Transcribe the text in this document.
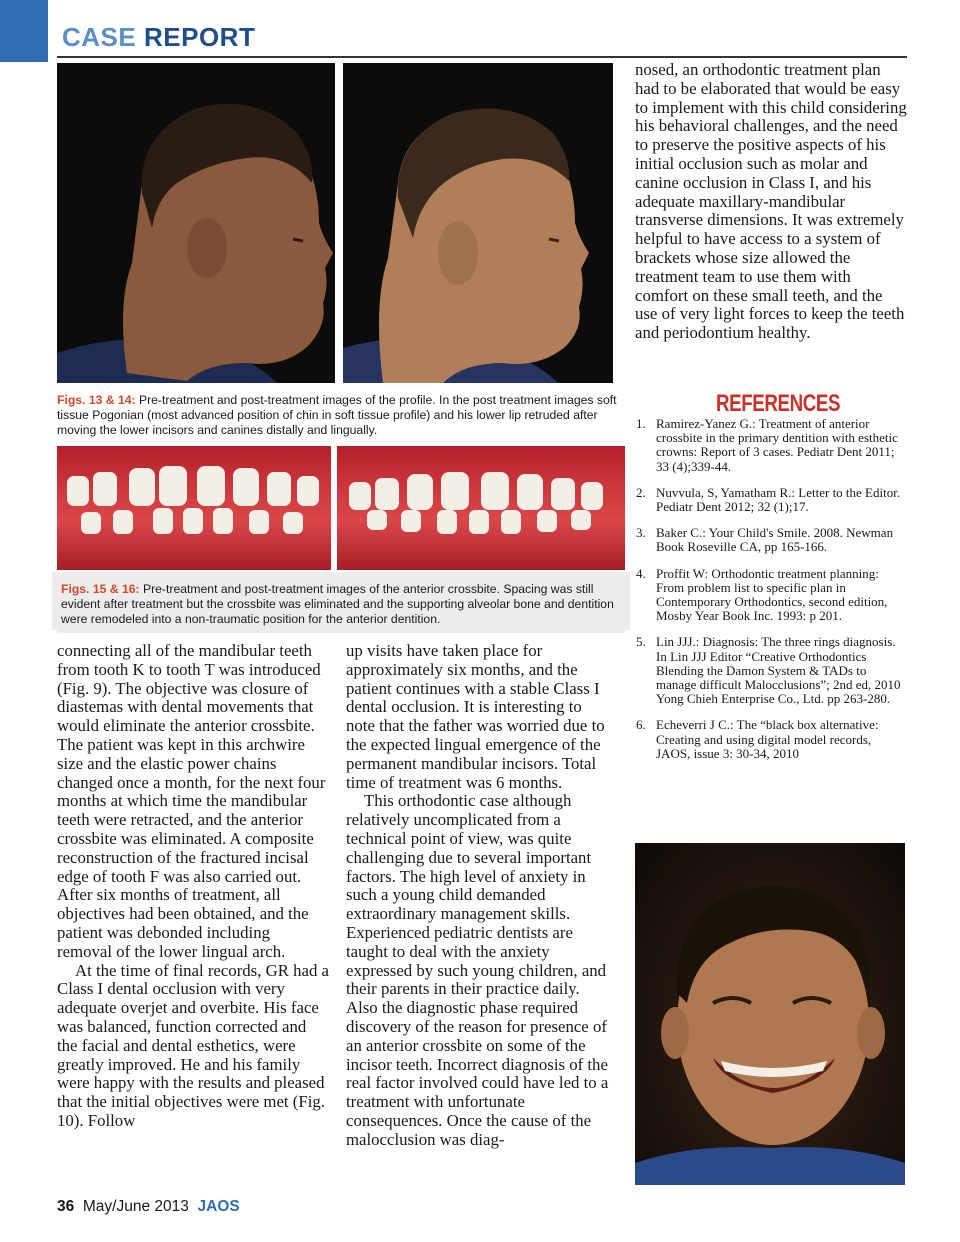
CASE REPORT
Figs. 13 & 14: Pre-treatment and post-treatment images of the profile. In the post treatment images soft tissue Pogonian (most advanced position of chin in soft tissue profile) and his lower lip retruded after moving the lower incisors and canines distally and lingually.
Figs. 15 & 16: Pre-treatment and post-treatment images of the anterior crossbite. Spacing was still evident after treatment but the crossbite was eliminated and the supporting alveolar bone and dentition were remodeled into a non-traumatic position for the anterior dentition.

nosed, an orthodontic treatment plan had to be elaborated that would be easy to implement with this child considering his behavioral challenges, and the need to preserve the positive aspects of his initial occlusion such as molar and canine occlusion in Class I, and his adequate maxillary-mandibular transverse dimensions. It was extremely helpful to have access to a system of brackets whose size allowed the treatment team to use them with comfort on these small teeth, and the use of very light forces to keep the teeth and periodontium healthy.

connecting all of the mandibular teeth from tooth K to tooth T was introduced (Fig. 9). The objective was closure of diastemas with dental movements that would eliminate the anterior crossbite. The patient was kept in this archwire size and the elastic power chains changed once a month, for the next four months at which time the mandibular teeth were retracted, and the anterior crossbite was eliminated. A composite reconstruction of the fractured incisal edge of tooth F was also carried out. After six months of treatment, all objectives had been obtained, and the patient was debonded including removal of the lower lingual arch.

At the time of final records, GR had a Class I dental occlusion with very adequate overjet and overbite. His face was balanced, function corrected and the facial and dental esthetics, were greatly improved. He and his family were happy with the results and pleased that the initial objectives were met (Fig. 10). Follow

up visits have taken place for approximately six months, and the patient continues with a stable Class I dental occlusion. It is interesting to note that the father was worried due to the expected lingual emergence of the permanent mandibular incisors. Total time of treatment was 6 months.

This orthodontic case although relatively uncomplicated from a technical point of view, was quite challenging due to several important factors. The high level of anxiety in such a young child demanded extraordinary management skills. Experienced pediatric dentists are taught to deal with the anxiety expressed by such young children, and their parents in their practice daily. Also the diagnostic phase required discovery of the reason for presence of an anterior crossbite on some of the incisor teeth. Incorrect diagnosis of the real factor involved could have led to a treatment with unfortunate consequences. Once the cause of the malocclusion was diag-

REFERENCES
1. Ramirez-Yanez G.: Treatment of anterior crossbite in the primary dentition with esthetic crowns: Report of 3 cases. Pediatr Dent 2011; 33 (4);339-44.
2. Nuvvula, S, Yamatham R.: Letter to the Editor. Pediatr Dent 2012; 32 (1);17.
3. Baker C.: Your Child's Smile. 2008. Newman Book Roseville CA, pp 165-166.
4. Proffit W: Orthodontic treatment planning: From problem list to specific plan in Contemporary Orthodontics, second edition, Mosby Year Book Inc. 1993: p 201.
5. Lin JJJ.: Diagnosis: The three rings diagnosis. In Lin JJJ Editor “Creative Orthodontics Blending the Damon System & TADs to manage difficult Malocclusions”; 2nd ed, 2010 Yong Chieh Enterprise Co., Ltd. pp 263-280.
6. Echeverri J C.: The “black box alternative: Creating and using digital model records, JAOS, issue 3: 30-34, 2010
36 May/June 2013 JAOS
